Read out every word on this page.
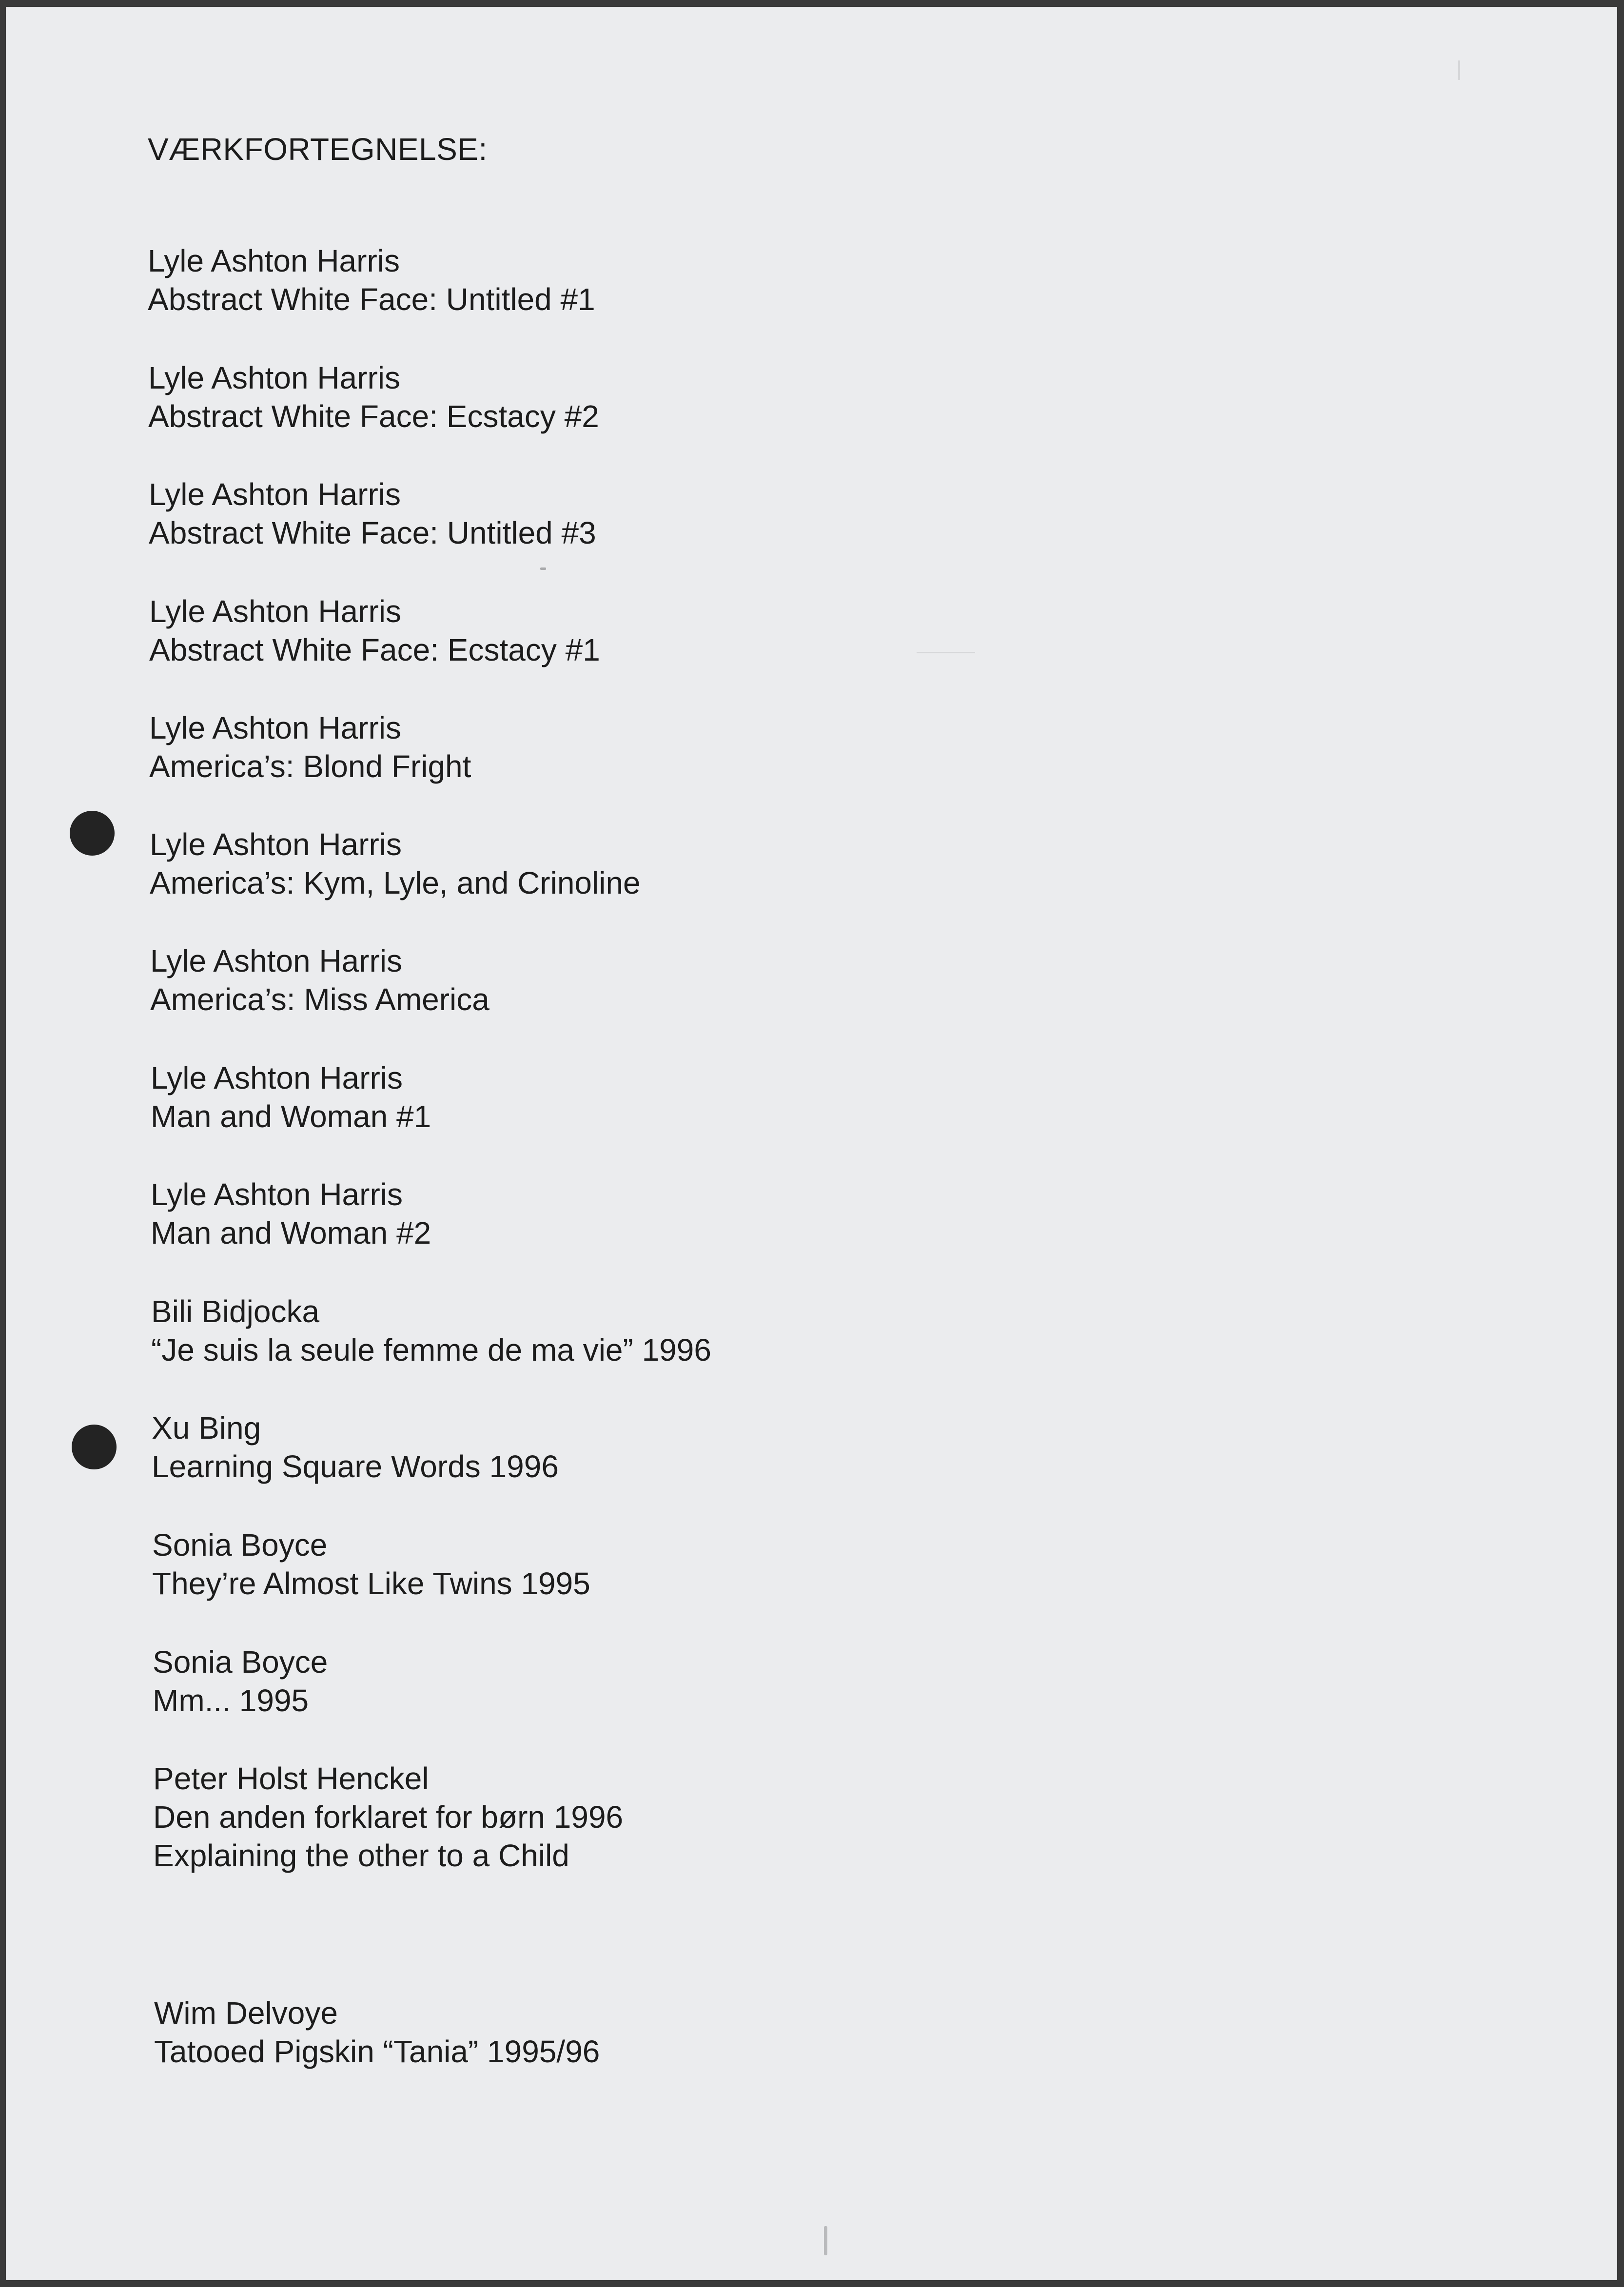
VÆRKFORTEGNELSE:
Lyle Ashton Harris
Abstract White Face: Untitled #1
Lyle Ashton Harris
Abstract White Face: Ecstacy #2
Lyle Ashton Harris
Abstract White Face: Untitled #3
Lyle Ashton Harris
Abstract White Face: Ecstacy #1
Lyle Ashton Harris
America’s: Blond Fright
Lyle Ashton Harris
America’s: Kym, Lyle, and Crinoline
Lyle Ashton Harris
America’s: Miss America
Lyle Ashton Harris
Man and Woman #1
Lyle Ashton Harris
Man and Woman #2
Bili Bidjocka
“Je suis la seule femme de ma vie” 1996
Xu Bing
Learning Square Words 1996
Sonia Boyce
They’re Almost Like Twins 1995
Sonia Boyce
Mm... 1995
Peter Holst Henckel
Den anden forklaret for børn 1996
Explaining the other to a Child
Wim Delvoye
Tatooed Pigskin “Tania” 1995/96
